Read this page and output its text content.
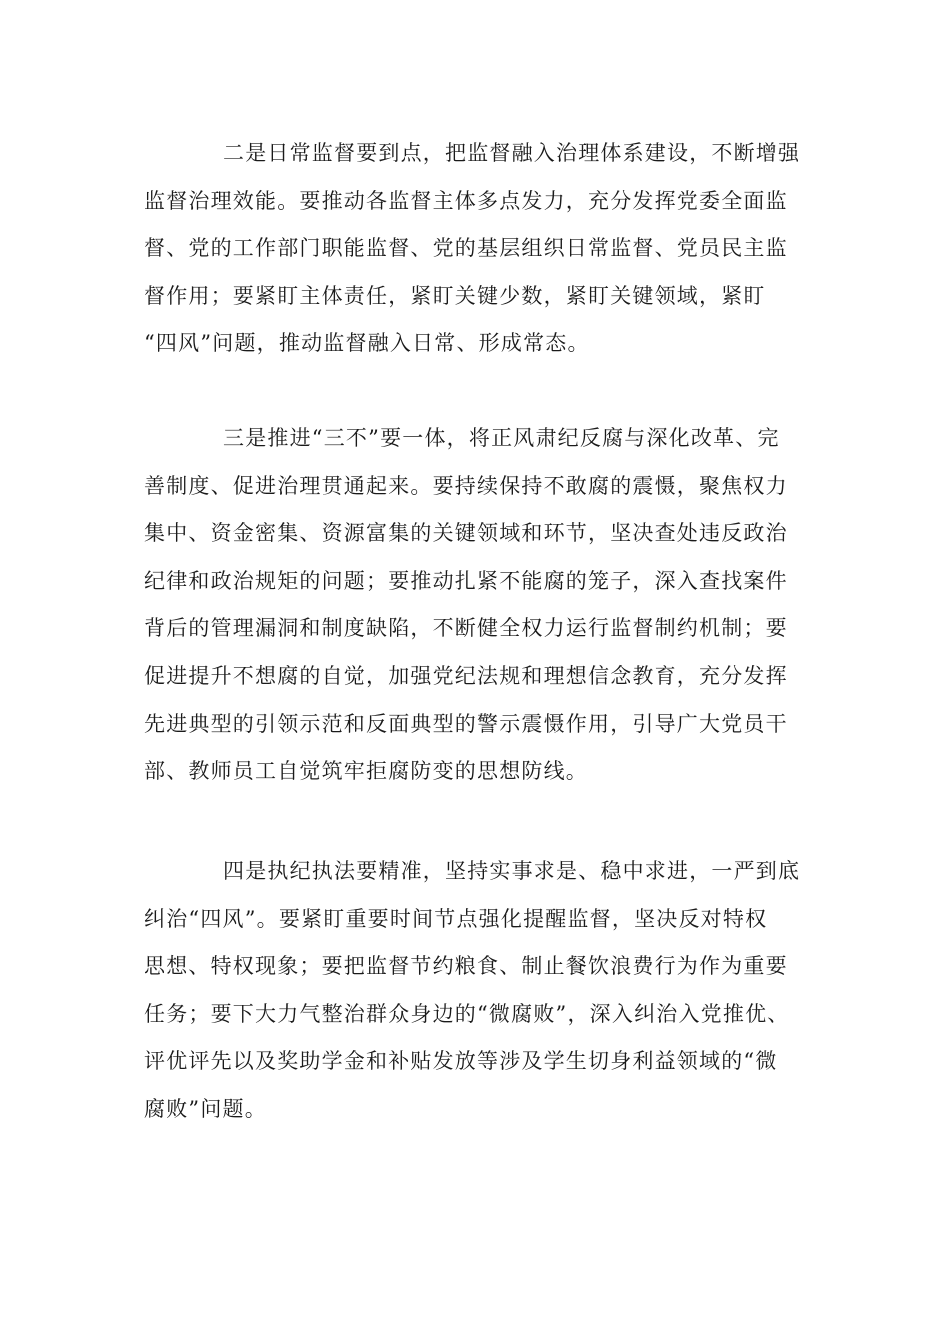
二是日常监督要到点，把监督融入治理体系建设，不断增强
监督治理效能。要推动各监督主体多点发力，充分发挥党委全面监
督、党的工作部门职能监督、党的基层组织日常监督、党员民主监
督作用；要紧盯主体责任，紧盯关键少数，紧盯关键领域，紧盯
“四风”问题，推动监督融入日常、形成常态。

三是推进“三不”要一体，将正风肃纪反腐与深化改革、完
善制度、促进治理贯通起来。要持续保持不敢腐的震慑，聚焦权力
集中、资金密集、资源富集的关键领域和环节，坚决查处违反政治
纪律和政治规矩的问题；要推动扎紧不能腐的笼子，深入查找案件
背后的管理漏洞和制度缺陷，不断健全权力运行监督制约机制；要
促进提升不想腐的自觉，加强党纪法规和理想信念教育，充分发挥
先进典型的引领示范和反面典型的警示震慑作用，引导广大党员干
部、教师员工自觉筑牢拒腐防变的思想防线。

四是执纪执法要精准，坚持实事求是、稳中求进，一严到底
纠治“四风”。要紧盯重要时间节点强化提醒监督，坚决反对特权
思想、特权现象；要把监督节约粮食、制止餐饮浪费行为作为重要
任务；要下大力气整治群众身边的“微腐败”，深入纠治入党推优、
评优评先以及奖助学金和补贴发放等涉及学生切身利益领域的“微
腐败”问题。
